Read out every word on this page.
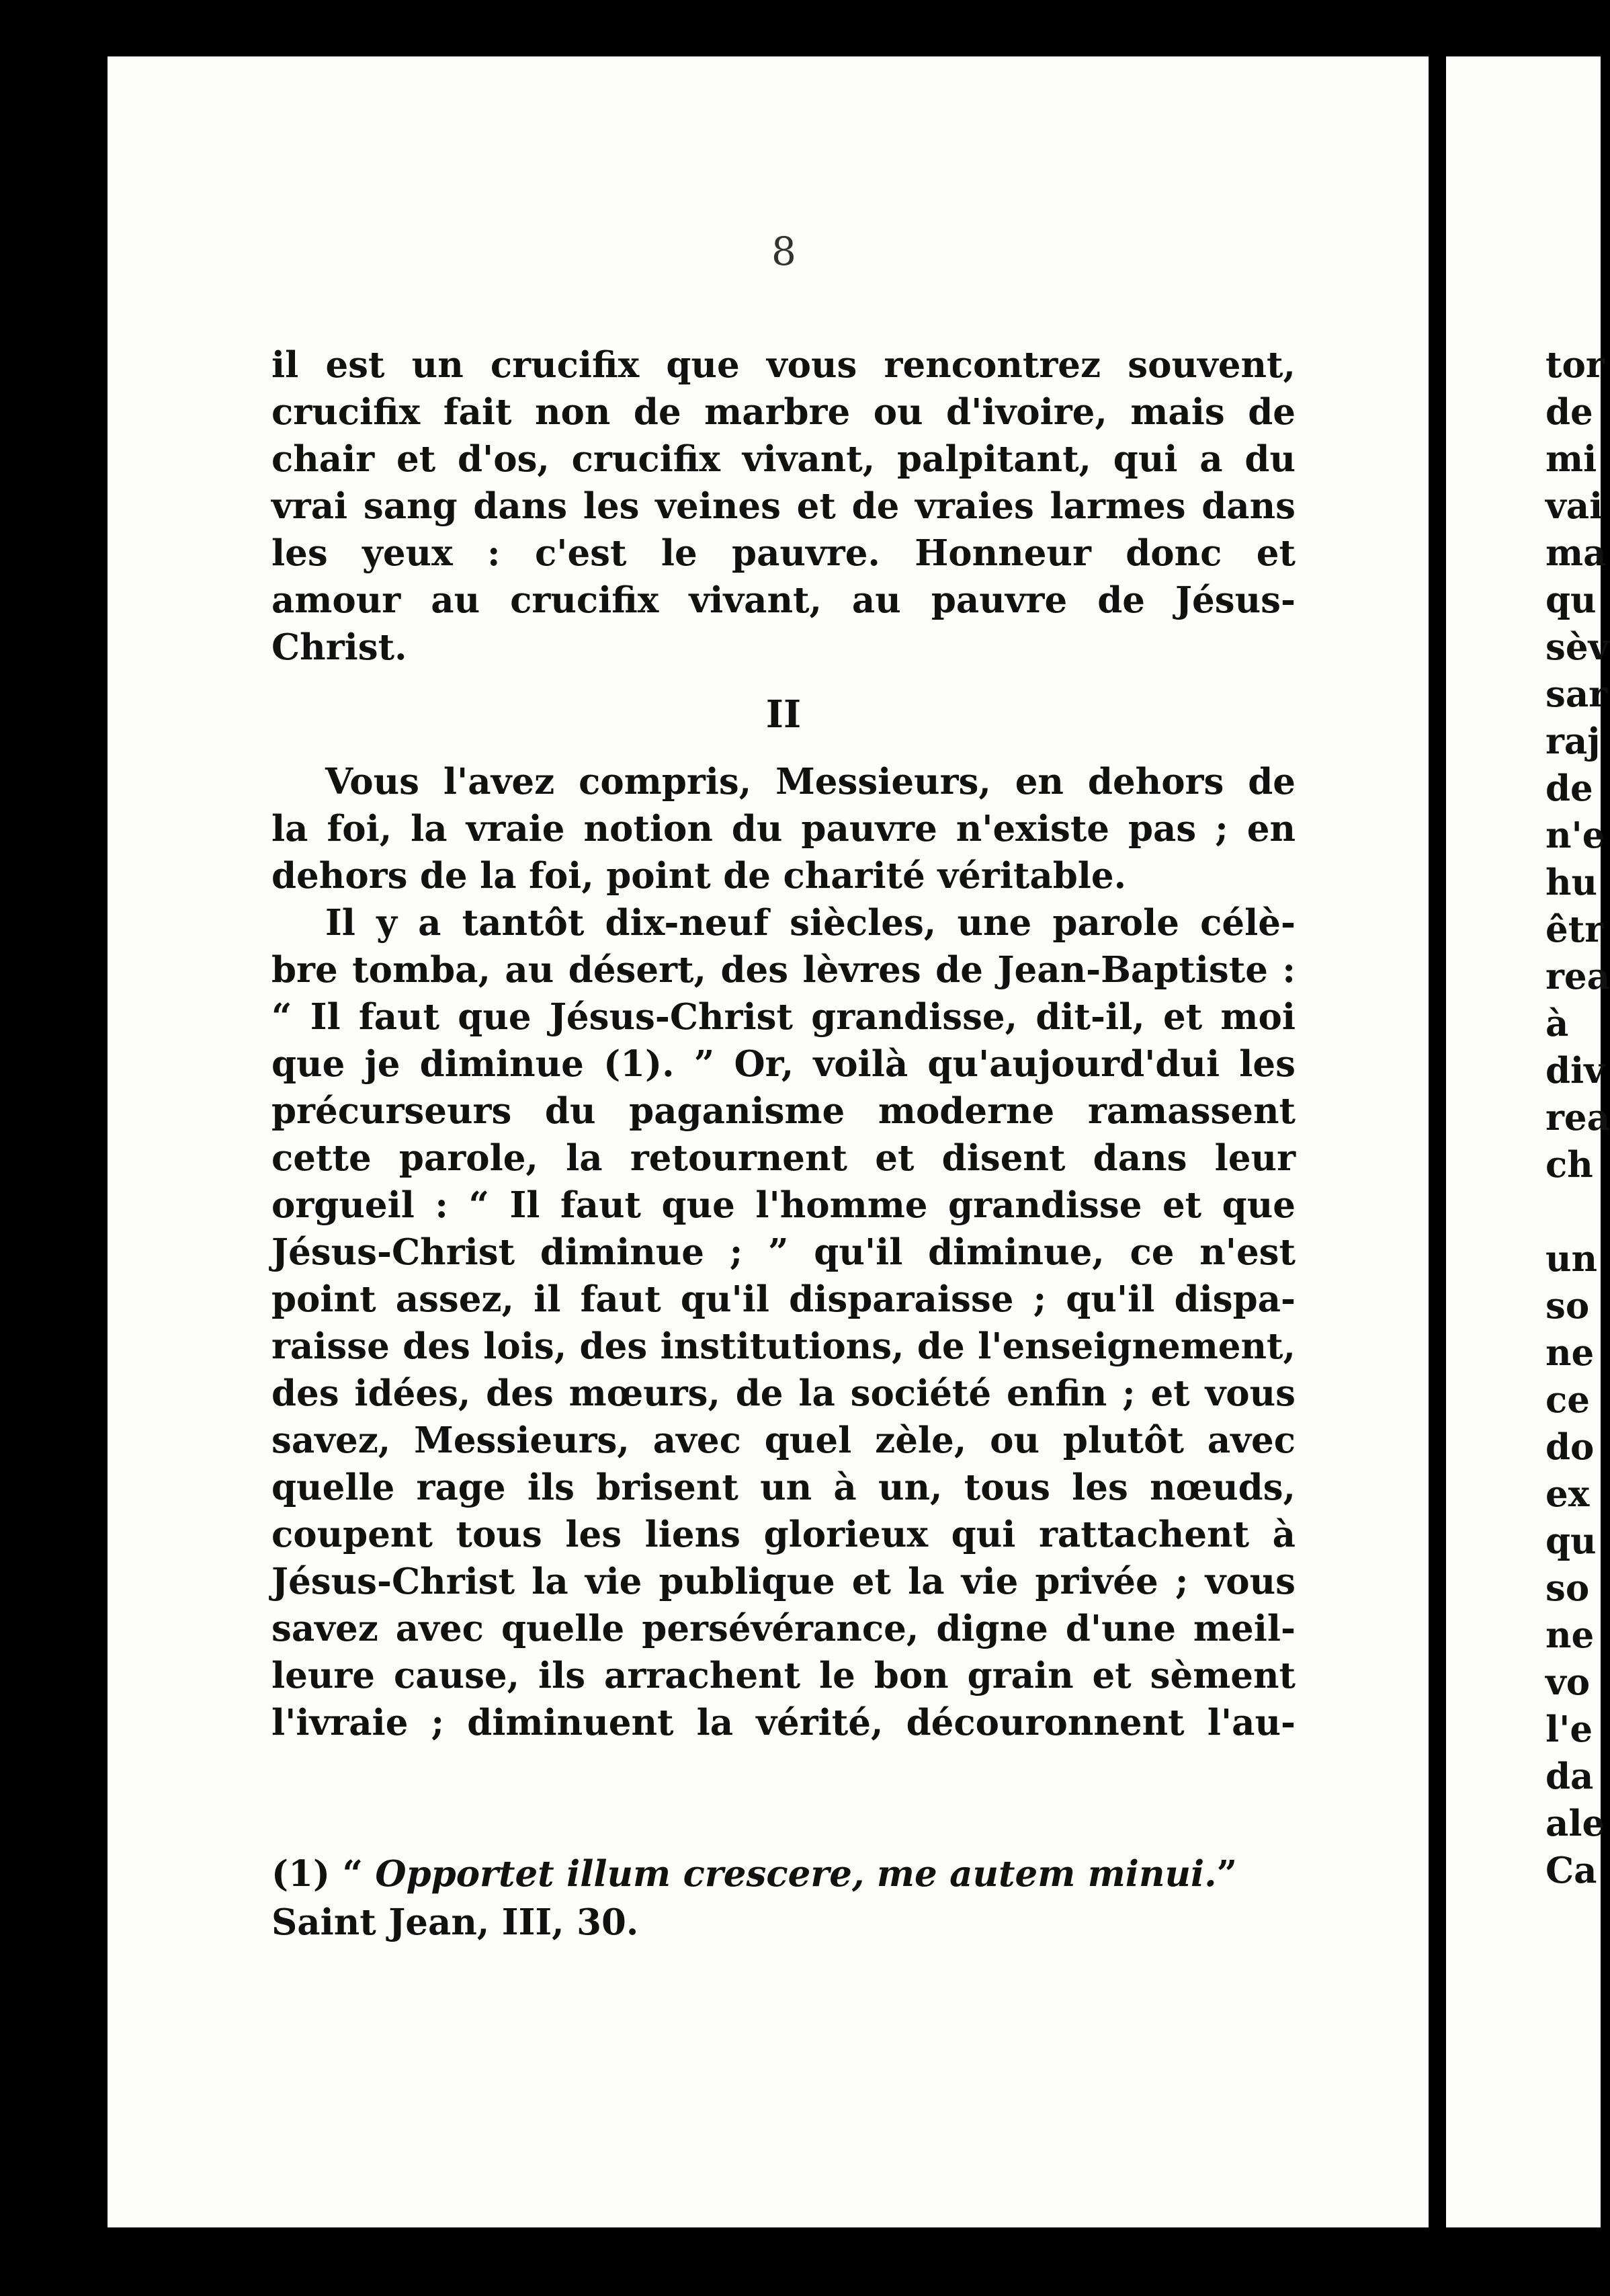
8

il est un crucifix que vous rencontrez souvent,
crucifix fait non de marbre ou d'ivoire, mais de
chair et d'os, crucifix vivant, palpitant, qui a du
vrai sang dans les veines et de vraies larmes dans
les yeux : c'est le pauvre. Honneur donc et
amour au crucifix vivant, au pauvre de Jésus-
Christ.

II

Vous l'avez compris, Messieurs, en dehors de
la foi, la vraie notion du pauvre n'existe pas ; en
dehors de la foi, point de charité véritable.

Il y a tantôt dix-neuf siècles, une parole célè-
bre tomba, au désert, des lèvres de Jean-Baptiste :
“ Il faut que Jésus-Christ grandisse, dit-il, et moi
que je diminue (1). ” Or, voilà qu'aujourd'dui les
précurseurs du paganisme moderne ramassent
cette parole, la retournent et disent dans leur
orgueil : “ Il faut que l'homme grandisse et que
Jésus-Christ diminue ; ” qu'il diminue, ce n'est
point assez, il faut qu'il disparaisse ; qu'il dispa-
raisse des lois, des institutions, de l'enseignement,
des idées, des mœurs, de la société enfin ; et vous
savez, Messieurs, avec quel zèle, ou plutôt avec
quelle rage ils brisent un à un, tous les nœuds,
coupent tous les liens glorieux qui rattachent à
Jésus-Christ la vie publique et la vie privée ; vous
savez avec quelle persévérance, digne d'une meil-
leure cause, ils arrachent le bon grain et sèment
l'ivraie ; diminuent la vérité, découronnent l'au-

(1) “ Opportet illum crescere, me autem minui.”
Saint Jean, III, 30.
tor
de
mi
vai
ma
qu
sèv
sar
raj
de
n'e
hu
êtr
rea
à
div
rea
ch
un
so
ne
ce
do
ex
qu
so
ne
vo
l'e
da
ale
Ca
